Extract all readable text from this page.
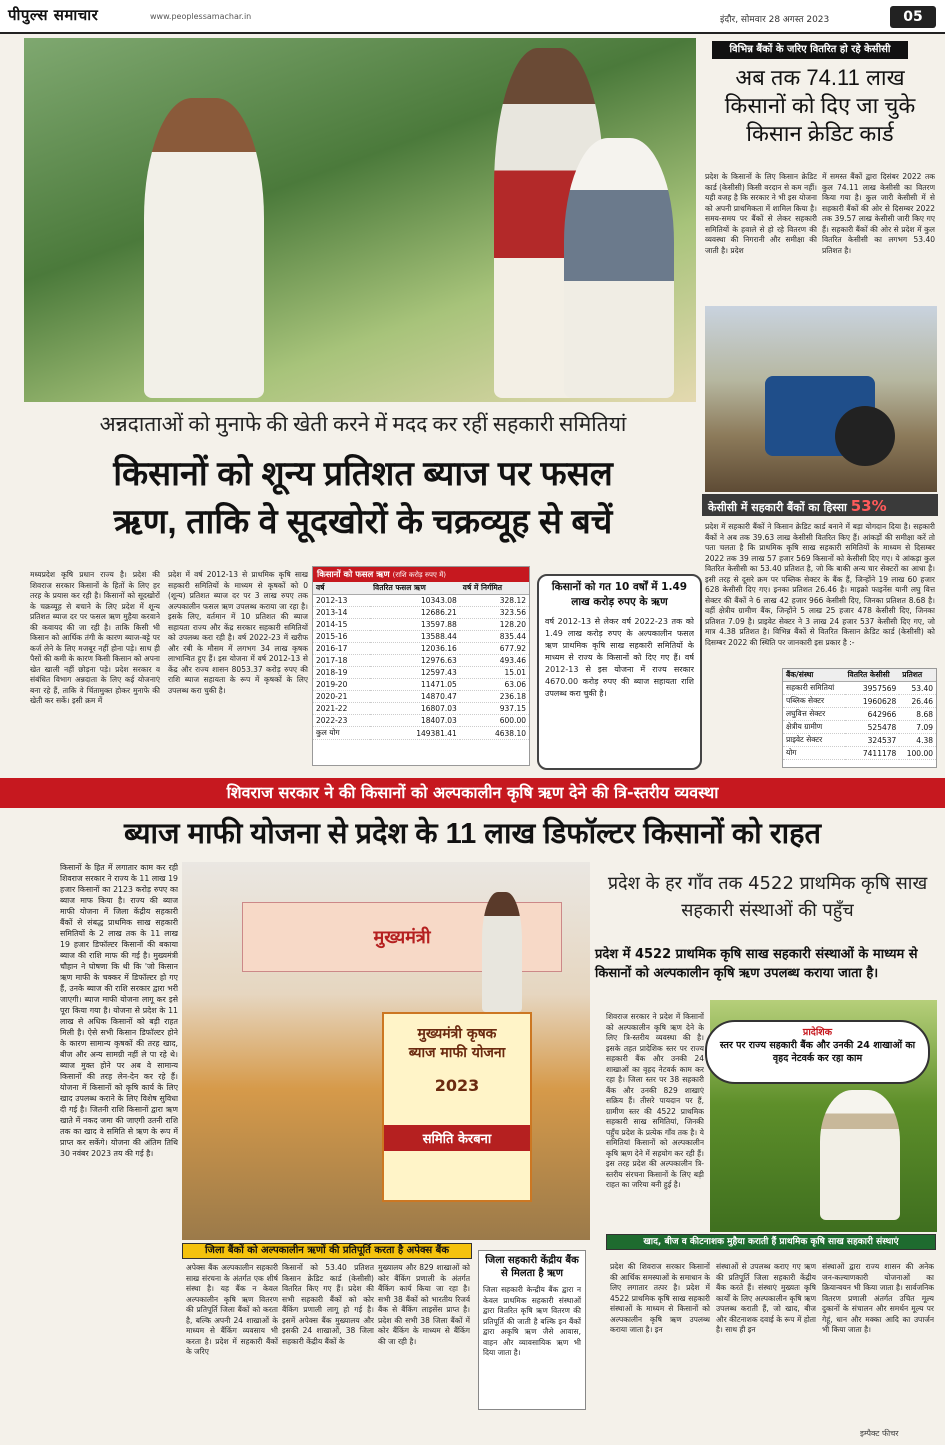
पीपुल्स समाचार	www.peoplessamachar.in	इंदौर, सोमवार 28 अगस्त 2023	05
विभिन्न बैंकों के जरिए वितरित हो रहे केसीसी
अब तक 74.11 लाख किसानों को दिए जा चुके किसान क्रेडिट कार्ड
प्रदेश के किसानों के लिए किसान क्रेडिट कार्ड (केसीसी) किसी वरदान से कम नहीं। यही वजह है कि सरकार ने भी इस योजना को अपनी प्राथमिकता में शामिल किया है। समय-समय पर बैंकों से लेकर सहकारी समितियों के हवाले से हो रहे वितरण की व्यवस्था की निगरानी और समीक्षा की जाती है। प्रदेश
में समस्त बैंकों द्वारा दिसंबर 2022 तक कुल 74.11 लाख केसीसी का वितरण किया गया है। कुल जारी केसीसी में से सहकारी बैंकों की ओर से दिसम्बर 2022 तक 39.57 लाख केसीसी जारी किए गए हैं। सहकारी बैंकों की ओर से प्रदेश में कुल वितरित केसीसी का लगभग 53.40 प्रतिशत है।
केसीसी में सहकारी बैंकों का हिस्सा 53%
प्रदेश में सहकारी बैंकों ने किसान क्रेडिट कार्ड बनाने में बड़ा योगदान दिया है। सहकारी बैंकों ने अब तक 39.63 लाख केसीसी वितरित किए हैं। आंकड़ों की समीक्षा करें तो पता चलता है कि प्राथमिक कृषि साख सहकारी समितियों के माध्यम से दिसम्बर 2022 तक 39 लाख 57 हजार 569 किसानों को केसीसी दिए गए। ये आंकड़ा कुल वितरित केसीसी का 53.40 प्रतिशत है, जो कि बाकी अन्य चार सेक्टरों का आधा है। इसी तरह से दूसरे क्रम पर पब्लिक सेक्टर के बैंक हैं, जिन्होंने 19 लाख 60 हजार 628 केसीसी दिए गए। इनका प्रतिशत 26.46 है। माइक्रो फाइनेंस यानी लघु वित्त सेक्टर की बैंकों ने 6 लाख 42 हजार 966 केसीसी दिए, जिनका प्रतिशत 8.68 है। वहीं क्षेत्रीय ग्रामीण बैंक, जिन्होंने 5 लाख 25 हजार 478 केसीसी दिए, जिनका प्रतिशत 7.09 है। प्राइवेट सेक्टर ने 3 लाख 24 हजार 537 केसीसी दिए गए, जो मात्र 4.38 प्रतिशत है। विभिन्न बैंकों से वितरित किसान क्रेडिट कार्ड (केसीसी) को दिसम्बर 2022 की स्थिति पर जानकारी इस प्रकार है :-
बैंक/संस्था	वितरित केसीसी	प्रतिशत
सहकारी समितियां	3957569	53.40
पब्लिक सेक्टर	1960628	26.46
लघुवित्त सेक्टर	642966	8.68
क्षेत्रीय ग्रामीण	525478	7.09
प्राइवेट सेक्टर	324537	4.38
योग	7411178	100.00
अन्नदाताओं को मुनाफे की खेती करने में मदद कर रहीं सहकारी समितियां
किसानों को शून्य प्रतिशत ब्याज पर फसल
ऋण, ताकि वे सूदखोरों के चक्रव्यूह से बचें
मध्यप्रदेश कृषि प्रधान राज्य है। प्रदेश की शिवराज सरकार किसानों के हितों के लिए हर तरह के प्रयास कर रही है। किसानों को सूदखोरों के चक्रव्यूह से बचाने के लिए प्रदेश में शून्य प्रतिशत ब्याज दर पर फसल ऋण मुहैया करवाने की कवायद की जा रही है। ताकि किसी भी किसान को आर्थिक तंगी के कारण ब्याज-बट्टे पर कर्ज लेने के लिए मजबूर नहीं होना पड़े। साथ ही पैसों की कमी के कारण किसी किसान को अपना खेत खाली नहीं छोड़ना पड़े। प्रदेश सरकार व संबंधित विभाग अन्नदाता के लिए कई योजनाएं बना रहे हैं, ताकि वे चिंतामुक्त होकर मुनाफे की खेती कर सकें। इसी क्रम में
प्रदेश में वर्ष 2012-13 से प्राथमिक कृषि साख सहकारी समितियों के माध्यम से कृषकों को 0 (शून्य) प्रतिशत ब्याज दर पर 3 लाख रुपए तक अल्पकालीन फसल ऋण उपलब्ध कराया जा रहा है। इसके लिए, वर्तमान में 10 प्रतिशत की ब्याज सहायता राज्य और केंद्र सरकार सहकारी समितियों को उपलब्ध करा रही है। वर्ष 2022-23 में खरीफ और रबी के मौसम में लगभग 34 लाख कृषक लाभान्वित हुए हैं। इस योजना में वर्ष 2012-13 से केंद्र और राज्य शासन 8053.37 करोड़ रुपए की राशि ब्याज सहायता के रूप में कृषकों के लिए उपलब्ध करा चुकी है।
किसानों को फसल ऋण (राशि करोड़ रुपए में)
वर्ष	वितरित फसल ऋण	वर्ष में निर्गमित
2012-13	10343.08	328.12
2013-14	12686.21	323.56
2014-15	13597.88	128.20
2015-16	13588.44	835.44
2016-17	12036.16	677.92
2017-18	12976.63	493.46
2018-19	12597.43	15.01
2019-20	11471.05	63.06
2020-21	14870.47	236.18
2021-22	16807.03	937.15
2022-23	18407.03	600.00
कुल योग	149381.41	4638.10
किसानों को गत 10 वर्षों में 1.49 लाख करोड़ रुपए के ऋण
वर्ष 2012-13 से लेकर वर्ष 2022-23 तक को 1.49 लाख करोड़ रुपए के अल्पकालीन फसल ऋण प्राथमिक कृषि साख सहकारी समितियों के माध्यम से राज्य के किसानों को दिए गए हैं। वर्ष 2012-13 से इस योजना में राज्य सरकार 4670.00 करोड़ रुपए की ब्याज सहायता राशि उपलब्ध करा चुकी है।
शिवराज सरकार ने की किसानों को अल्पकालीन कृषि ऋण देने की त्रि-स्तरीय व्यवस्था
ब्याज माफी योजना से प्रदेश के 11 लाख डिफॉल्टर किसानों को राहत
किसानों के हित में लगातार काम कर रही शिवराज सरकार ने राज्य के 11 लाख 19 हजार किसानों का 2123 करोड़ रुपए का ब्याज माफ किया है। राज्य की ब्याज माफी योजना में जिला केंद्रीय सहकारी बैंकों से संबद्ध प्राथमिक साख सहकारी समितियों के 2 लाख तक के 11 लाख 19 हजार डिफॉल्टर किसानों की बकाया ब्याज की राशि माफ की गई है। मुख्यमंत्री चौहान ने घोषणा कि थी कि 'जो किसान ऋण माफी के चक्कर में डिफॉल्टर हो गए हैं, उनके ब्याज की राशि सरकार द्वारा भरी जाएगी। ब्याज माफी योजना लागू कर इसे पूरा किया गया है। योजना से प्रदेश के 11 लाख से अधिक किसानों को बड़ी राहत मिली है। ऐसे सभी किसान डिफॉल्टर होने के कारण सामान्य कृषकों की तरह खाद, बीज और अन्य सामग्री नहीं ले पा रहे थे। ब्याज मुक्त होने पर अब वे सामान्य किसानों की तरह लेन-देन कर रहे हैं। योजना में किसानों को कृषि कार्य के लिए खाद उपलब्ध कराने के लिए विशेष सुविधा दी गई है। जितनी राशि किसानों द्वारा ऋण खाते में नकद जमा की जाएगी उतनी राशि तक का खाद वे समिति से ऋण के रूप में प्राप्त कर सकेंगे। योजना की अंतिम तिथि 30 नवंबर 2023 तय की गई है।
मुख्यमंत्री
मुख्यमंत्री कृषक
ब्याज माफी योजना
2023
समिति केरबना
प्रदेश के हर गाँव तक 4522 प्राथमिक कृषि साख सहकारी संस्थाओं की पहुँच
प्रदेश में 4522 प्राथमिक कृषि साख सहकारी संस्थाओं के माध्यम से किसानों को अल्पकालीन कृषि ऋण उपलब्ध कराया जाता है।
शिवराज सरकार ने प्रदेश में किसानों को अल्पकालीन कृषि ऋण देने के लिए त्रि-स्तरीय व्यवस्था की है। इसके तहत प्रादेशिक स्तर पर राज्य सहकारी बैंक और उनकी 24 शाखाओं का वृहद नेटवर्क काम कर रहा है। जिला स्तर पर 38 सहकारी बैंक और उनकी 829 शाखाएं सक्रिय हैं। तीसरे पायदान पर हैं, ग्रामीण स्तर की 4522 प्राथमिक सहकारी साख समितियां, जिनकी पहुँच प्रदेश के प्रत्येक गाँव तक है। ये समितियां किसानों को अल्पकालीन कृषि ऋण देने में सहयोग कर रही हैं। इस तरह प्रदेश की अल्पकालीन त्रि-स्तरीय संरचना किसानों के लिए बड़ी राहत का जरिया बनी हुई है।
प्रादेशिक
स्तर पर राज्य सहकारी बैंक और उनकी 24 शाखाओं का वृहद नेटवर्क कर रहा काम
जिला बैंकों को अल्पकालीन ऋणों की प्रतिपूर्ति करता है अपेक्स बैंक
अपेक्स बैंक अल्पकालीन सहकारी साख संरचना के अंतर्गत एक शीर्ष संस्था है। यह बैंक न केवल अल्पकालीन कृषि ऋण वितरण की प्रतिपूर्ति जिला बैंकों को करता है, बल्कि अपनी 24 शाखाओं के माध्यम से बैंकिंग व्यवसाय भी करता है। प्रदेश में सहकारी बैंकों के जरिए
किसानों को 53.40 प्रतिशत किसान क्रेडिट कार्ड (केसीसी) वितरित किए गए हैं। प्रदेश की सभी सहकारी बैंकों को कोर बैंकिंग प्रणाली लागू हो गई है। इसमें अपेक्स बैंक मुख्यालय और इसकी 24 शाखाओं, 38 जिला सहकारी केंद्रीय बैंकों के
मुख्यालय और 829 शाखाओं को कोर बैंकिंग प्रणाली के अंतर्गत बैंकिंग कार्य किया जा रहा है। सभी 38 बैंकों को भारतीय रिजर्व बैंक से बैंकिंग लाइसेंस प्राप्त है। प्रदेश की सभी 38 जिला बैंकों में कोर बैंकिंग के माध्यम से बैंकिंग की जा रही है।
जिला सहकारी केंद्रीय बैंक से मिलता है ऋण
जिला सहकारी केन्द्रीय बैंक द्वारा न केवल प्राथमिक सहकारी संस्थाओं द्वारा वितरित कृषि ऋण वितरण की प्रतिपूर्ति की जाती है बल्कि इन बैंकों द्वारा अकृषि ऋण जैसे आवास, वाहन और व्यावसायिक ऋण भी दिया जाता है।
खाद, बीज व कीटनाशक मुहैया कराती हैं प्राथमिक कृषि साख सहकारी संस्थाएं
प्रदेश की शिवराज सरकार किसानों की आर्थिक समस्याओं के समाधान के लिए लगातार तत्पर है। प्रदेश में 4522 प्राथमिक कृषि साख सहकारी संस्थाओं के माध्यम से किसानों को अल्पकालीन कृषि ऋण उपलब्ध कराया जाता है। इन
संस्थाओं से उपलब्ध कराए गए ऋण की प्रतिपूर्ति जिला सहकारी केंद्रीय बैंक करते हैं। संस्थाएं मुख्यतः कृषि कार्यों के लिए अल्पकालीन कृषि ऋण उपलब्ध कराती हैं, जो खाद, बीज और कीटनाशक दवाई के रूप में होता है। साथ ही इन
संस्थाओं द्वारा राज्य शासन की अनेक जन-कल्याणकारी योजनाओं का क्रियान्वयन भी किया जाता है। सार्वजनिक वितरण प्रणाली अंतर्गत उचित मूल्य दुकानों के संचालन और समर्थन मूल्य पर गेहूं, धान और मक्का आदि का उपार्जन भी किया जाता है।
इम्पैक्ट फीचर
